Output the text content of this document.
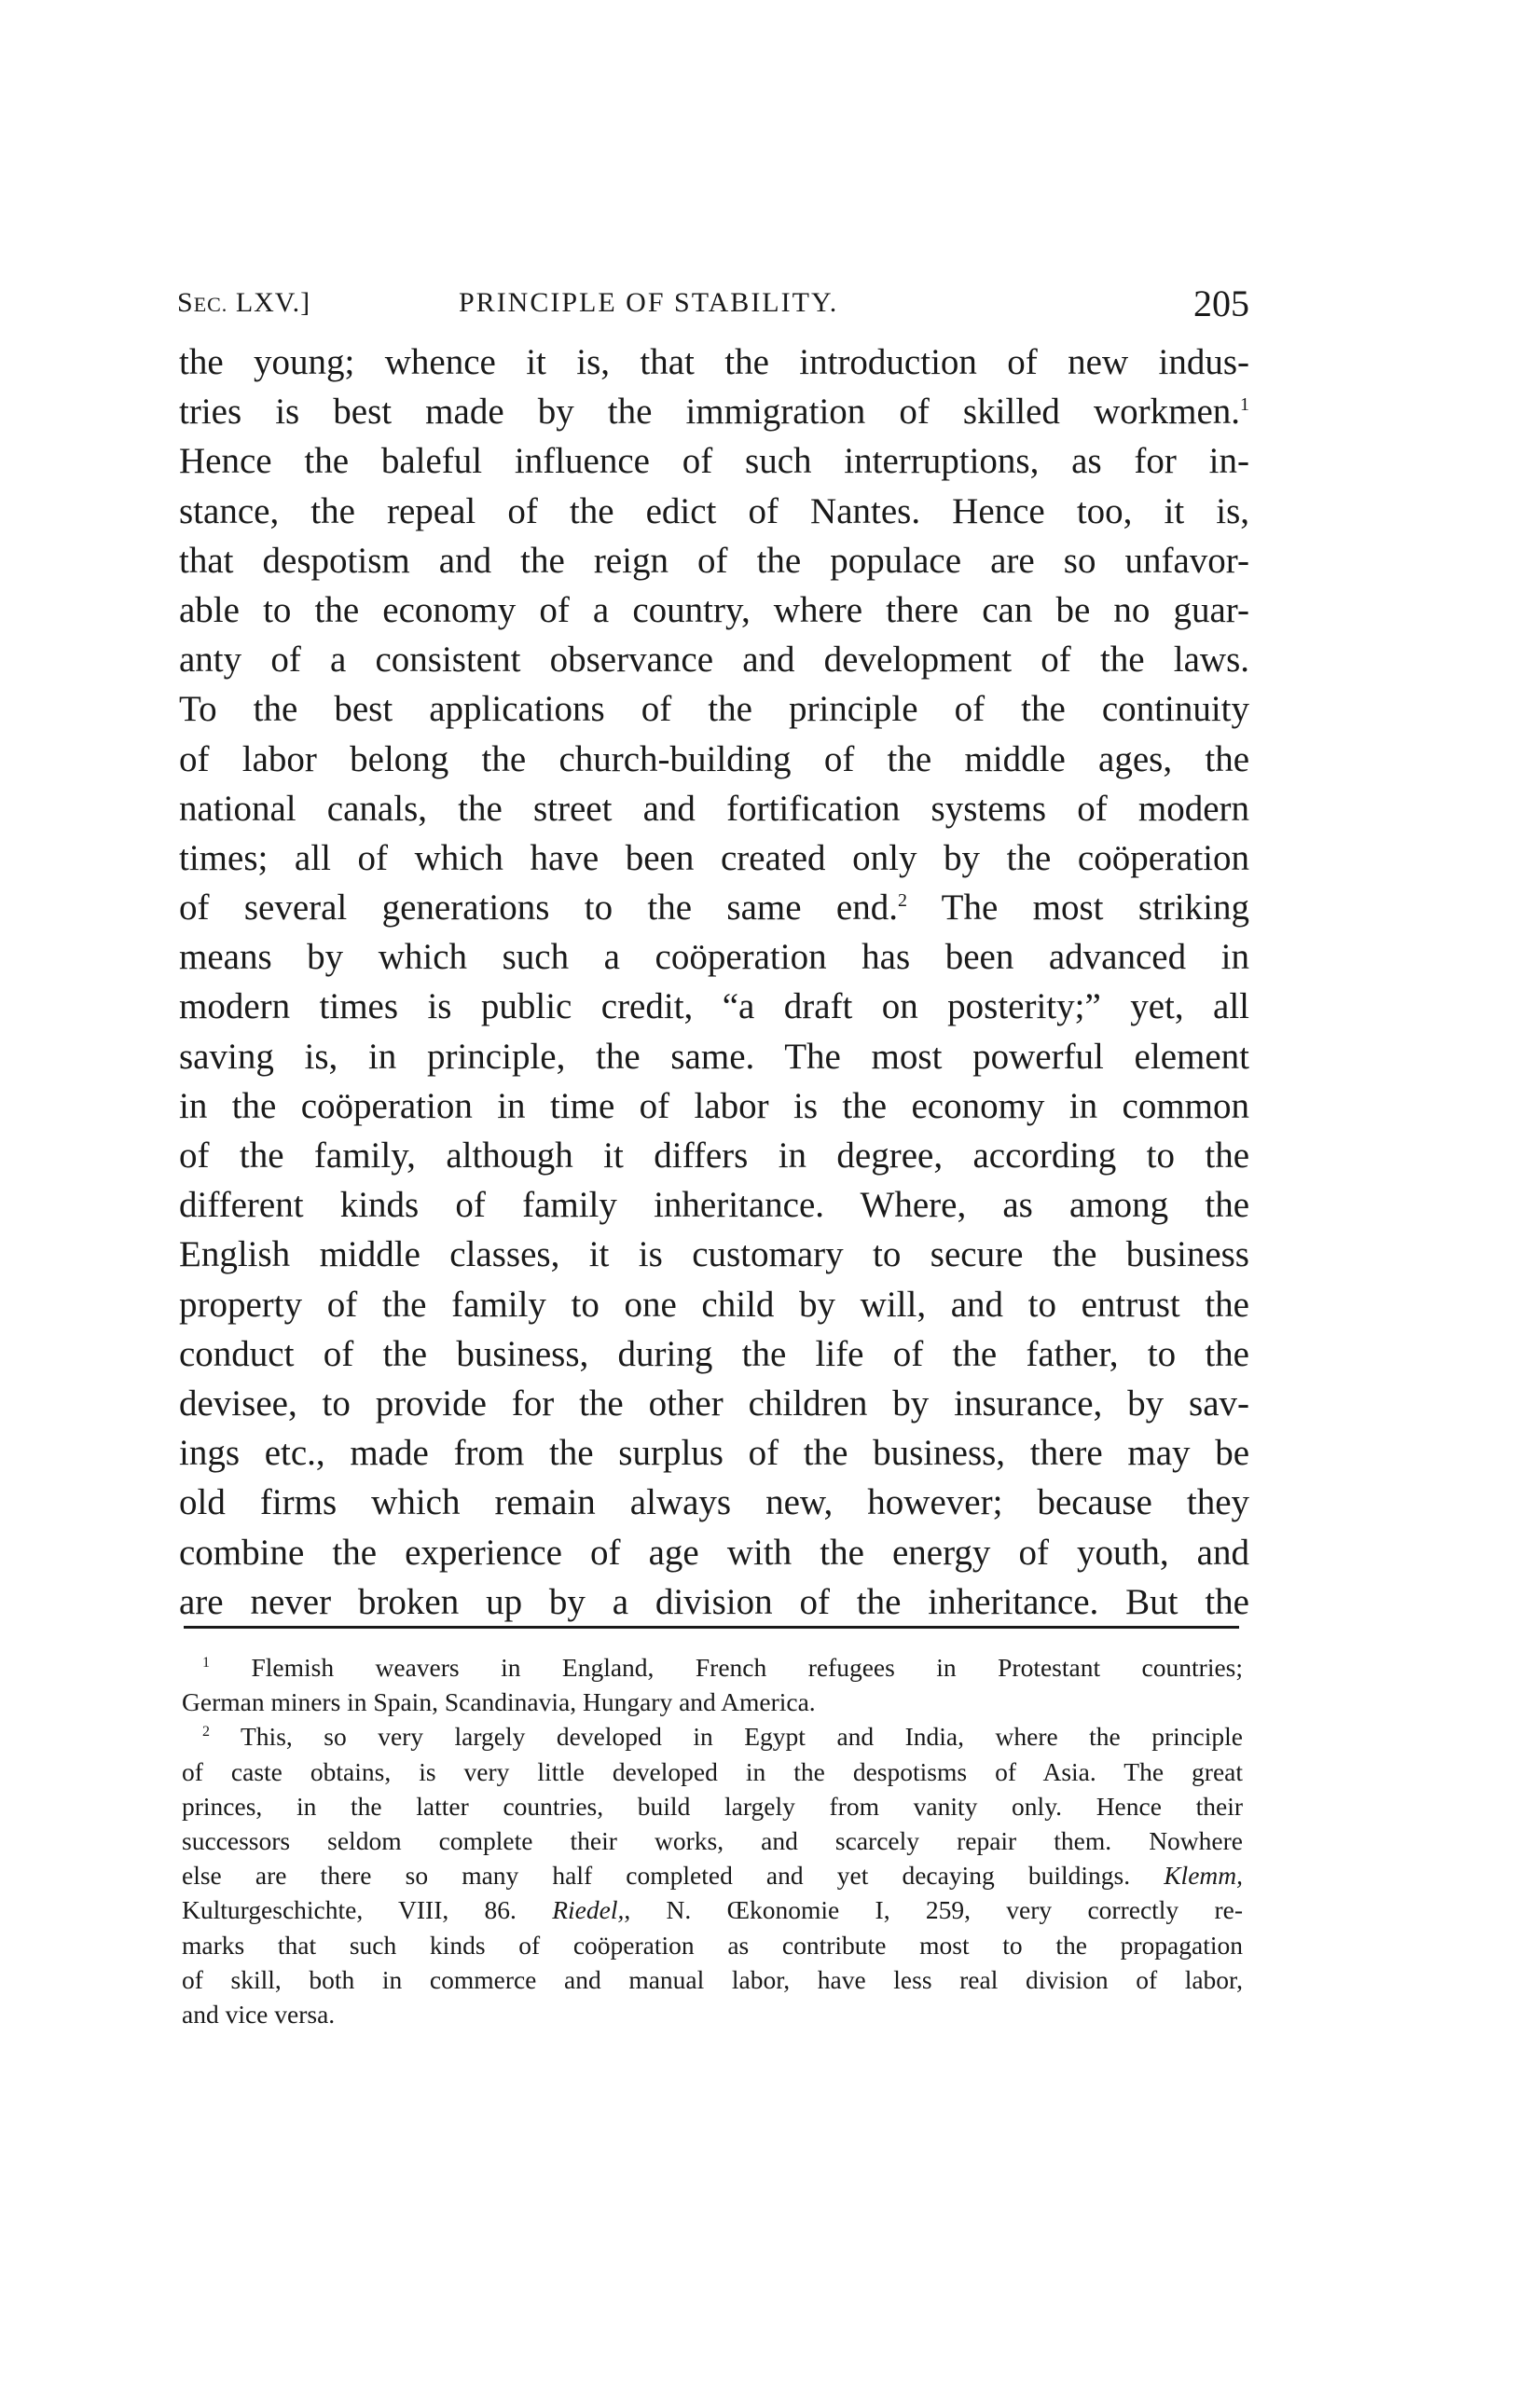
SEC. LXV.]	PRINCIPLE OF STABILITY.	205
the young; whence it is, that the introduction of new indus-
tries is best made by the immigration of skilled workmen.$^1$
Hence the baleful influence of such interruptions, as for in-
stance, the repeal of the edict of Nantes. Hence too, it is,
that despotism and the reign of the populace are so unfavor-
able to the economy of a country, where there can be no guar-
anty of a consistent observance and development of the laws.
To the best applications of the principle of the continuity
of labor belong the church-building of the middle ages, the
national canals, the street and fortification systems of modern
times; all of which have been created only by the coöperation
of several generations to the same end.$^2$ The most striking
means by which such a coöperation has been advanced in
modern times is public credit, “a draft on posterity;” yet, all
saving is, in principle, the same. The most powerful element
in the coöperation in time of labor is the economy in common
of the family, although it differs in degree, according to the
different kinds of family inheritance. Where, as among the
English middle classes, it is customary to secure the business
property of the family to one child by will, and to entrust the
conduct of the business, during the life of the father, to the
devisee, to provide for the other children by insurance, by sav-
ings etc., made from the surplus of the business, there may be
old firms which remain always new, however; because they
combine the experience of age with the energy of youth, and
are never broken up by a division of the inheritance. But the
$^1$ Flemish weavers in England, French refugees in Protestant countries;
German miners in Spain, Scandinavia, Hungary and America.
$^2$ This, so very largely developed in Egypt and India, where the principle
of caste obtains, is very little developed in the despotisms of Asia. The great
princes, in the latter countries, build largely from vanity only. Hence their
successors seldom complete their works, and scarcely repair them. Nowhere
else are there so many half completed and yet decaying buildings. Klemm,
Kulturgeschichte, VIII, 86. Riedel,, N. Œkonomie I, 259, very correctly re-
marks that such kinds of coöperation as contribute most to the propagation
of skill, both in commerce and manual labor, have less real division of labor,
and vice versa.
